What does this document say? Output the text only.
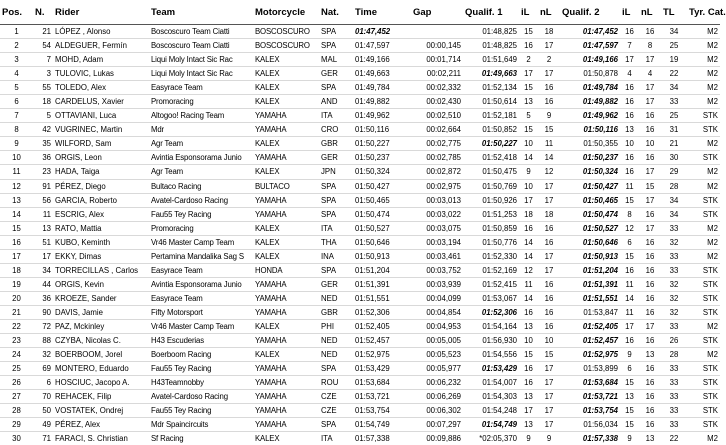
Pos.	N.	Rider	Team	Motorcycle	Nat.	Time	Gap	Qualif. 1	iL	nL	Qualif. 2	iL	nL	TL	Tyr. Cat.
1	21	LÓPEZ , Alonso	Boscoscuro Team Ciatti	BOSCOSCURO	SPA	01:47,452		01:48,825	15	18	01:47,452	16	16	34	M2
2	54	ALDEGUER, Fermín	Boscoscuro Team Ciatti	BOSCOSCURO	SPA	01:47,597	00:00,145	01:48,825	16	17	01:47,597	7	8	25	M2
3	7	MOHD, Adam	Liqui Moly Intact Sic Rac	KALEX	MAL	01:49,166	00:01,714	01:51,649	2	2	01:49,166	17	17	19	M2
4	3	TULOVIC, Lukas	Liqui Moly Intact Sic Rac	KALEX	GER	01:49,663	00:02,211	01:49,663	17	17	01:50,878	4	4	22	M2
5	55	TOLEDO, Alex	Easyrace Team	KALEX	SPA	01:49,784	00:02,332	01:52,134	15	16	01:49,784	16	17	34	M2
6	18	CARDELUS, Xavier	Promoracing	KALEX	AND	01:49,882	00:02,430	01:50,614	13	16	01:49,882	16	17	33	M2
7	5	OTTAVIANI, Luca	Altogoo! Racing Team	YAMAHA	ITA	01:49,962	00:02,510	01:52,181	5	9	01:49,962	16	16	25	STK
8	42	VUGRINEC, Martin	Mdr	YAMAHA	CRO	01:50,116	00:02,664	01:50,852	15	15	01:50,116	13	16	31	STK
9	35	WILFORD, Sam	Agr Team	KALEX	GBR	01:50,227	00:02,775	01:50,227	10	11	01:50,355	10	10	21	M2
10	36	ORGIS, Leon	Avintia Esponsorama Junio	YAMAHA	GER	01:50,237	00:02,785	01:52,418	14	14	01:50,237	16	16	30	STK
11	23	HADA, Taiga	Agr Team	KALEX	JPN	01:50,324	00:02,872	01:50,475	9	12	01:50,324	16	17	29	M2
12	91	PÉREZ, Diego	Bultaco Racing	BULTACO	SPA	01:50,427	00:02,975	01:50,769	10	17	01:50,427	11	15	28	M2
13	56	GARCIA, Roberto	Avatel-Cardoso Racing	YAMAHA	SPA	01:50,465	00:03,013	01:50,926	17	17	01:50,465	15	17	34	STK
14	11	ESCRIG, Alex	Fau55 Tey Racing	YAMAHA	SPA	01:50,474	00:03,022	01:51,253	18	18	01:50,474	8	16	34	STK
15	13	RATO, Mattia	Promoracing	KALEX	ITA	01:50,527	00:03,075	01:50,859	16	16	01:50,527	12	17	33	M2
16	51	KUBO, Keminth	Vr46 Master Camp Team	KALEX	THA	01:50,646	00:03,194	01:50,776	14	16	01:50,646	6	16	32	M2
17	17	EKKY, Dimas	Pertamina Mandalika Sag S	KALEX	INA	01:50,913	00:03,461	01:52,330	14	17	01:50,913	15	16	33	M2
18	34	TORRECILLAS , Carlos	Easyrace Team	HONDA	SPA	01:51,204	00:03,752	01:52,169	12	17	01:51,204	16	16	33	STK
19	44	ORGIS, Kevin	Avintia Esponsorama Junio	YAMAHA	GER	01:51,391	00:03,939	01:52,415	11	16	01:51,391	11	16	32	STK
20	36	KROEZE, Sander	Easyrace Team	YAMAHA	NED	01:51,551	00:04,099	01:53,067	14	16	01:51,551	14	16	32	STK
21	90	DAVIS, Jamie	Fifty Motorsport	YAMAHA	GBR	01:52,306	00:04,854	01:52,306	16	16	01:53,847	11	16	32	STK
22	72	PAZ, Mckinley	Vr46 Master Camp Team	KALEX	PHI	01:52,405	00:04,953	01:54,164	13	16	01:52,405	17	17	33	M2
23	88	CZYBA, Nicolas C.	H43 Escuderias	YAMAHA	NED	01:52,457	00:05,005	01:56,930	10	10	01:52,457	16	16	26	STK
24	32	BOERBOOM, Jorel	Boerboom Racing	KALEX	NED	01:52,975	00:05,523	01:54,556	15	15	01:52,975	9	13	28	M2
25	69	MONTERO, Eduardo	Fau55 Tey Racing	YAMAHA	SPA	01:53,429	00:05,977	01:53,429	16	17	01:53,899	6	16	33	STK
26	6	HOSCIUC, Jacopo A.	H43Teamnobby	YAMAHA	ROU	01:53,684	00:06,232	01:54,007	16	17	01:53,684	15	16	33	STK
27	70	REHACEK, Filip	Avatel-Cardoso Racing	YAMAHA	CZE	01:53,721	00:06,269	01:54,303	13	17	01:53,721	13	16	33	STK
28	50	VOSTATEK, Ondrej	Fau55 Tey Racing	YAMAHA	CZE	01:53,754	00:06,302	01:54,248	17	17	01:53,754	15	16	33	STK
29	49	PÉREZ, Alex	Mdr Spaincircuits	YAMAHA	SPA	01:54,749	00:07,297	01:54,749	13	17	01:56,034	15	16	33	STK
30	71	FARACI, S. Christian	Sf Racing	KALEX	ITA	01:57,338	00:09,886	*02:05,370	9	9	01:57,338	9	13	22	M2
